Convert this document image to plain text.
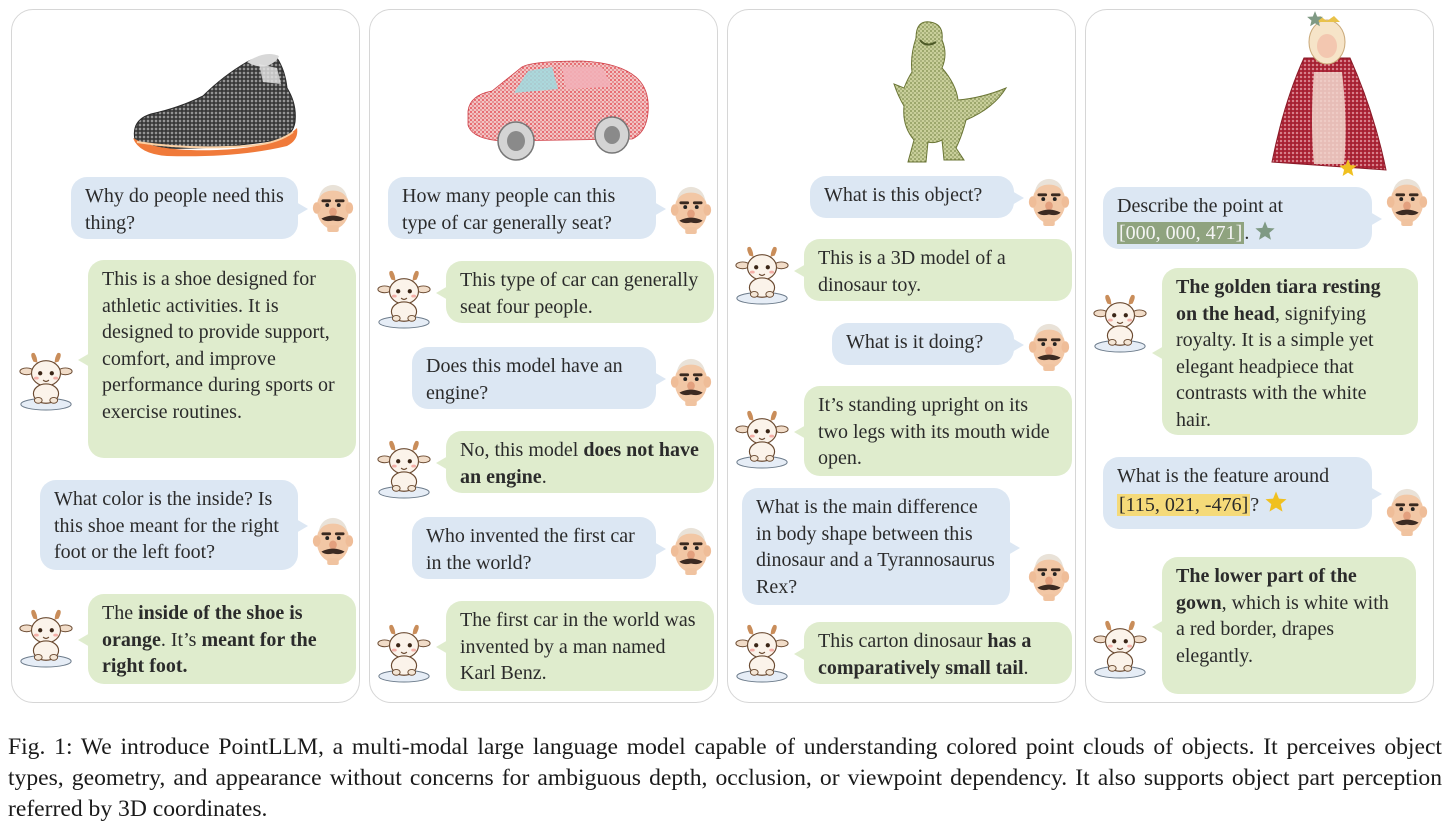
Why do people need this thing?
This is a shoe designed for athletic activities. It is designed to provide support, comfort, and improve performance during sports or exercise routines.
What color is the inside? Is this shoe meant for the right foot or the left foot?
The inside of the shoe is orange. It’s meant for the right foot.
How many people can this type of car generally seat?
This type of car can generally seat four people.
Does this model have an engine?
No, this model does not have an engine.
Who invented the first car in the world?
The first car in the world was invented by a man named Karl Benz.
What is this object?
This is a 3D model of a dinosaur toy.
What is it doing?
It’s standing upright on its two legs with its mouth wide open.
What is the main difference in body shape between this dinosaur and a Tyrannosaurus Rex?
This carton dinosaur has a comparatively small tail.
Describe the point at
[000, 000, 471] .
The golden tiara resting on the head, signifying royalty. It is a simple yet elegant headpiece that contrasts with the white hair.
What is the feature around
[115, 021, -476] ?
The lower part of the gown, which is white with a red border, drapes elegantly.
Fig. 1: We introduce PointLLM, a multi-modal large language model capable of understanding colored point clouds of objects. It perceives object types, geometry, and appearance without concerns for ambiguous depth, occlusion, or viewpoint dependency. It also supports object part perception referred by 3D coordinates.
